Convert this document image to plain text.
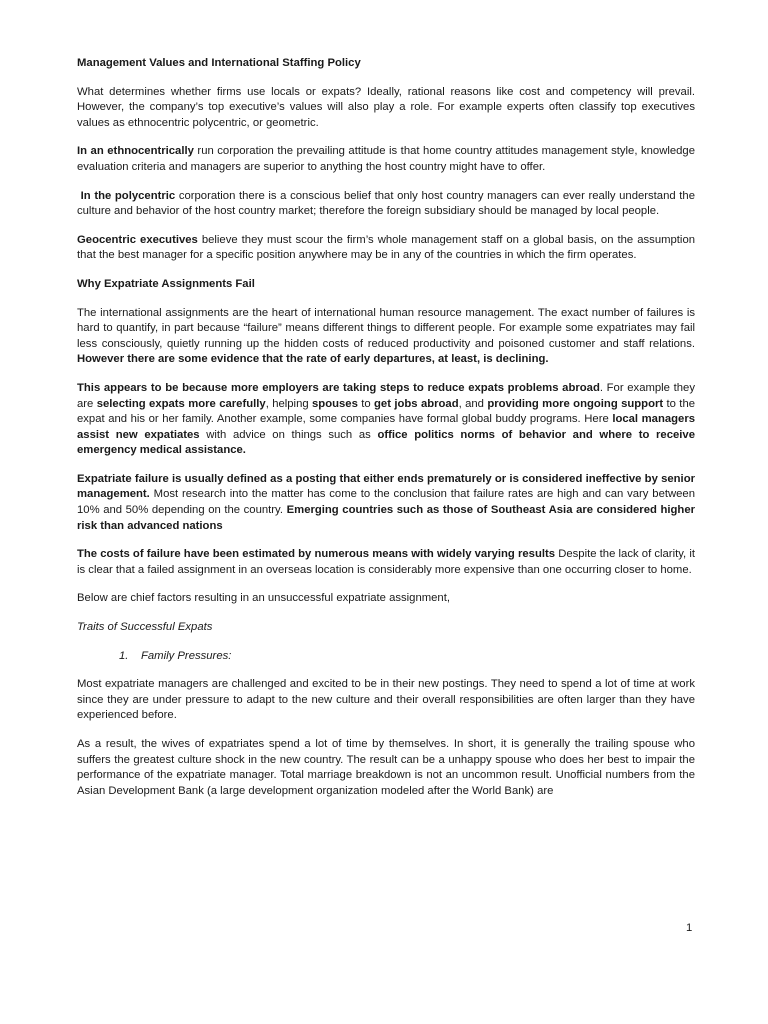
Management Values and International Staffing Policy

What determines whether firms use locals or expats? Ideally, rational reasons like cost and competency will prevail. However, the company’s top executive’s values will also play a role. For example experts often classify top executives values as ethnocentric polycentric, or geometric.

In an ethnocentrically run corporation the prevailing attitude is that home country attitudes management style, knowledge evaluation criteria and managers are superior to anything the host country might have to offer.

In the polycentric corporation there is a conscious belief that only host country managers can ever really understand the culture and behavior of the host country market; therefore the foreign subsidiary should be managed by local people.

Geocentric executives believe they must scour the firm’s whole management staff on a global basis, on the assumption that the best manager for a specific position anywhere may be in any of the countries in which the firm operates.

Why Expatriate Assignments Fail

The international assignments are the heart of international human resource management. The exact number of failures is hard to quantify, in part because “failure” means different things to different people. For example some expatriates may fail less consciously, quietly running up the hidden costs of reduced productivity and poisoned customer and staff relations. However there are some evidence that the rate of early departures, at least, is declining.

This appears to be because more employers are taking steps to reduce expats problems abroad. For example they are selecting expats more carefully, helping spouses to get jobs abroad, and providing more ongoing support to the expat and his or her family. Another example, some companies have formal global buddy programs. Here local managers assist new expatiates with advice on things such as office politics norms of behavior and where to receive emergency medical assistance.

Expatriate failure is usually defined as a posting that either ends prematurely or is considered ineffective by senior management. Most research into the matter has come to the conclusion that failure rates are high and can vary between 10% and 50% depending on the country. Emerging countries such as those of Southeast Asia are considered higher risk than advanced nations

The costs of failure have been estimated by numerous means with widely varying results Despite the lack of clarity, it is clear that a failed assignment in an overseas location is considerably more expensive than one occurring closer to home.

Below are chief factors resulting in an unsuccessful expatriate assignment,

Traits of Successful Expats

1. Family Pressures:

Most expatriate managers are challenged and excited to be in their new postings. They need to spend a lot of time at work since they are under pressure to adapt to the new culture and their overall responsibilities are often larger than they have experienced before.

As a result, the wives of expatriates spend a lot of time by themselves. In short, it is generally the trailing spouse who suffers the greatest culture shock in the new country. The result can be a unhappy spouse who does her best to impair the performance of the expatriate manager. Total marriage breakdown is not an uncommon result. Unofficial numbers from the Asian Development Bank (a large development organization modeled after the World Bank) are

1
